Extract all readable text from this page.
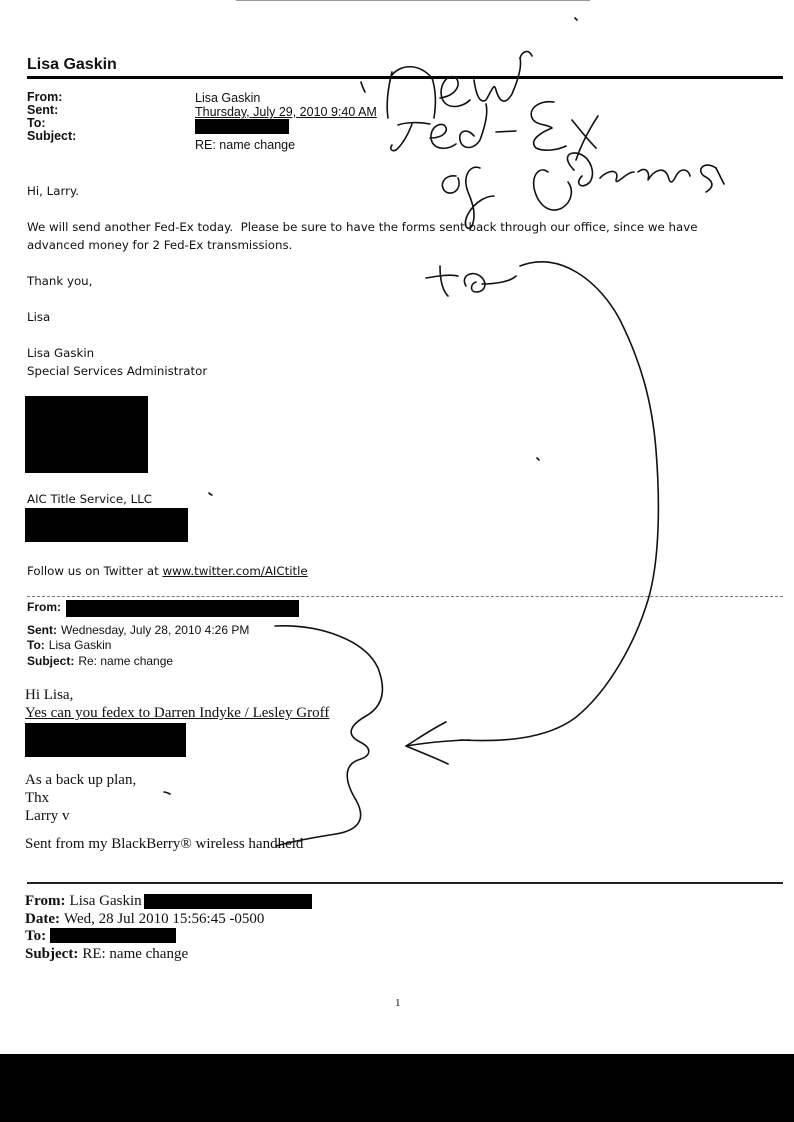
Lisa Gaskin
From:
Sent:
To:
Subject:
Lisa Gaskin
Thursday, July 29, 2010 9:40 AM
RE: name change
Hi, Larry.
We will send another Fed-Ex today.  Please be sure to have the forms sent back through our office, since we have
advanced money for 2 Fed-Ex transmissions.
Thank you,
Lisa
Lisa Gaskin
Special Services Administrator
AIC Title Service, LLC
Follow us on Twitter at www.twitter.com/AICtitle
From:
Sent: Wednesday, July 28, 2010 4:26 PM
To: Lisa Gaskin
Subject: Re: name change
Hi Lisa,
Yes can you fedex to Darren Indyke / Lesley Groff
As a back up plan,
Thx
Larry v
Sent from my BlackBerry® wireless handheld
From: Lisa Gaskin
Date: Wed, 28 Jul 2010 15:56:45 -0500
To:
Subject: RE: name change
1
